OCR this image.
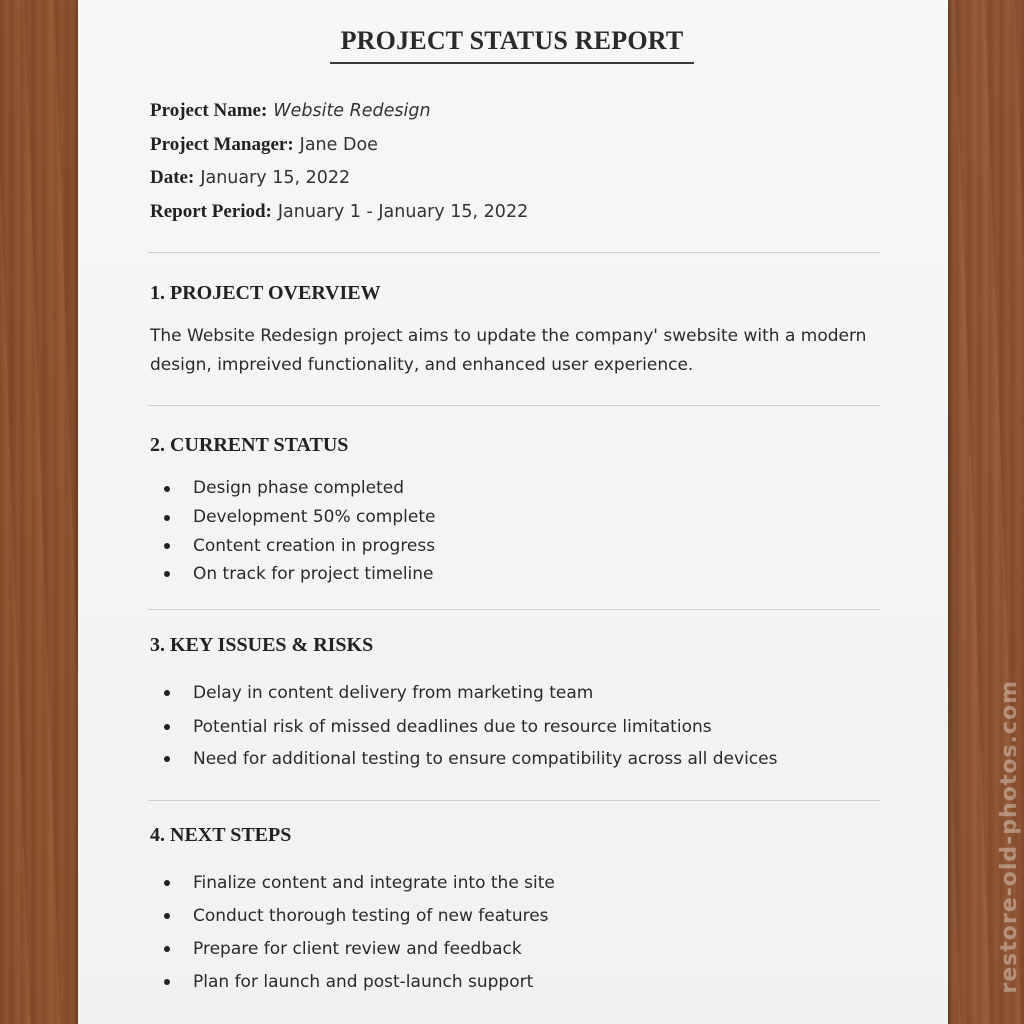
PROJECT STATUS REPORT
Project Name: Website Redesign
Project Manager: Jane Doe
Date: January 15, 2022
Report Period: January 1 - January 15, 2022
1. PROJECT OVERVIEW

The Website Redesign project aims to update the company' swebsite with a modern design, impreived functionality, and enhanced user experience.

2. CURRENT STATUS
Design phase completed
Development 50% complete
Content creation in progress
On track for project timeline
3. KEY ISSUES & RISKS
Delay in content delivery from marketing team
Potential risk of missed deadlines due to resource limitations
Need for additional testing to ensure compatibility across all devices
4. NEXT STEPS
Finalize content and integrate into the site
Conduct thorough testing of new features
Prepare for client review and feedback
Plan for launch and post-launch support	restore-old-photos.com
